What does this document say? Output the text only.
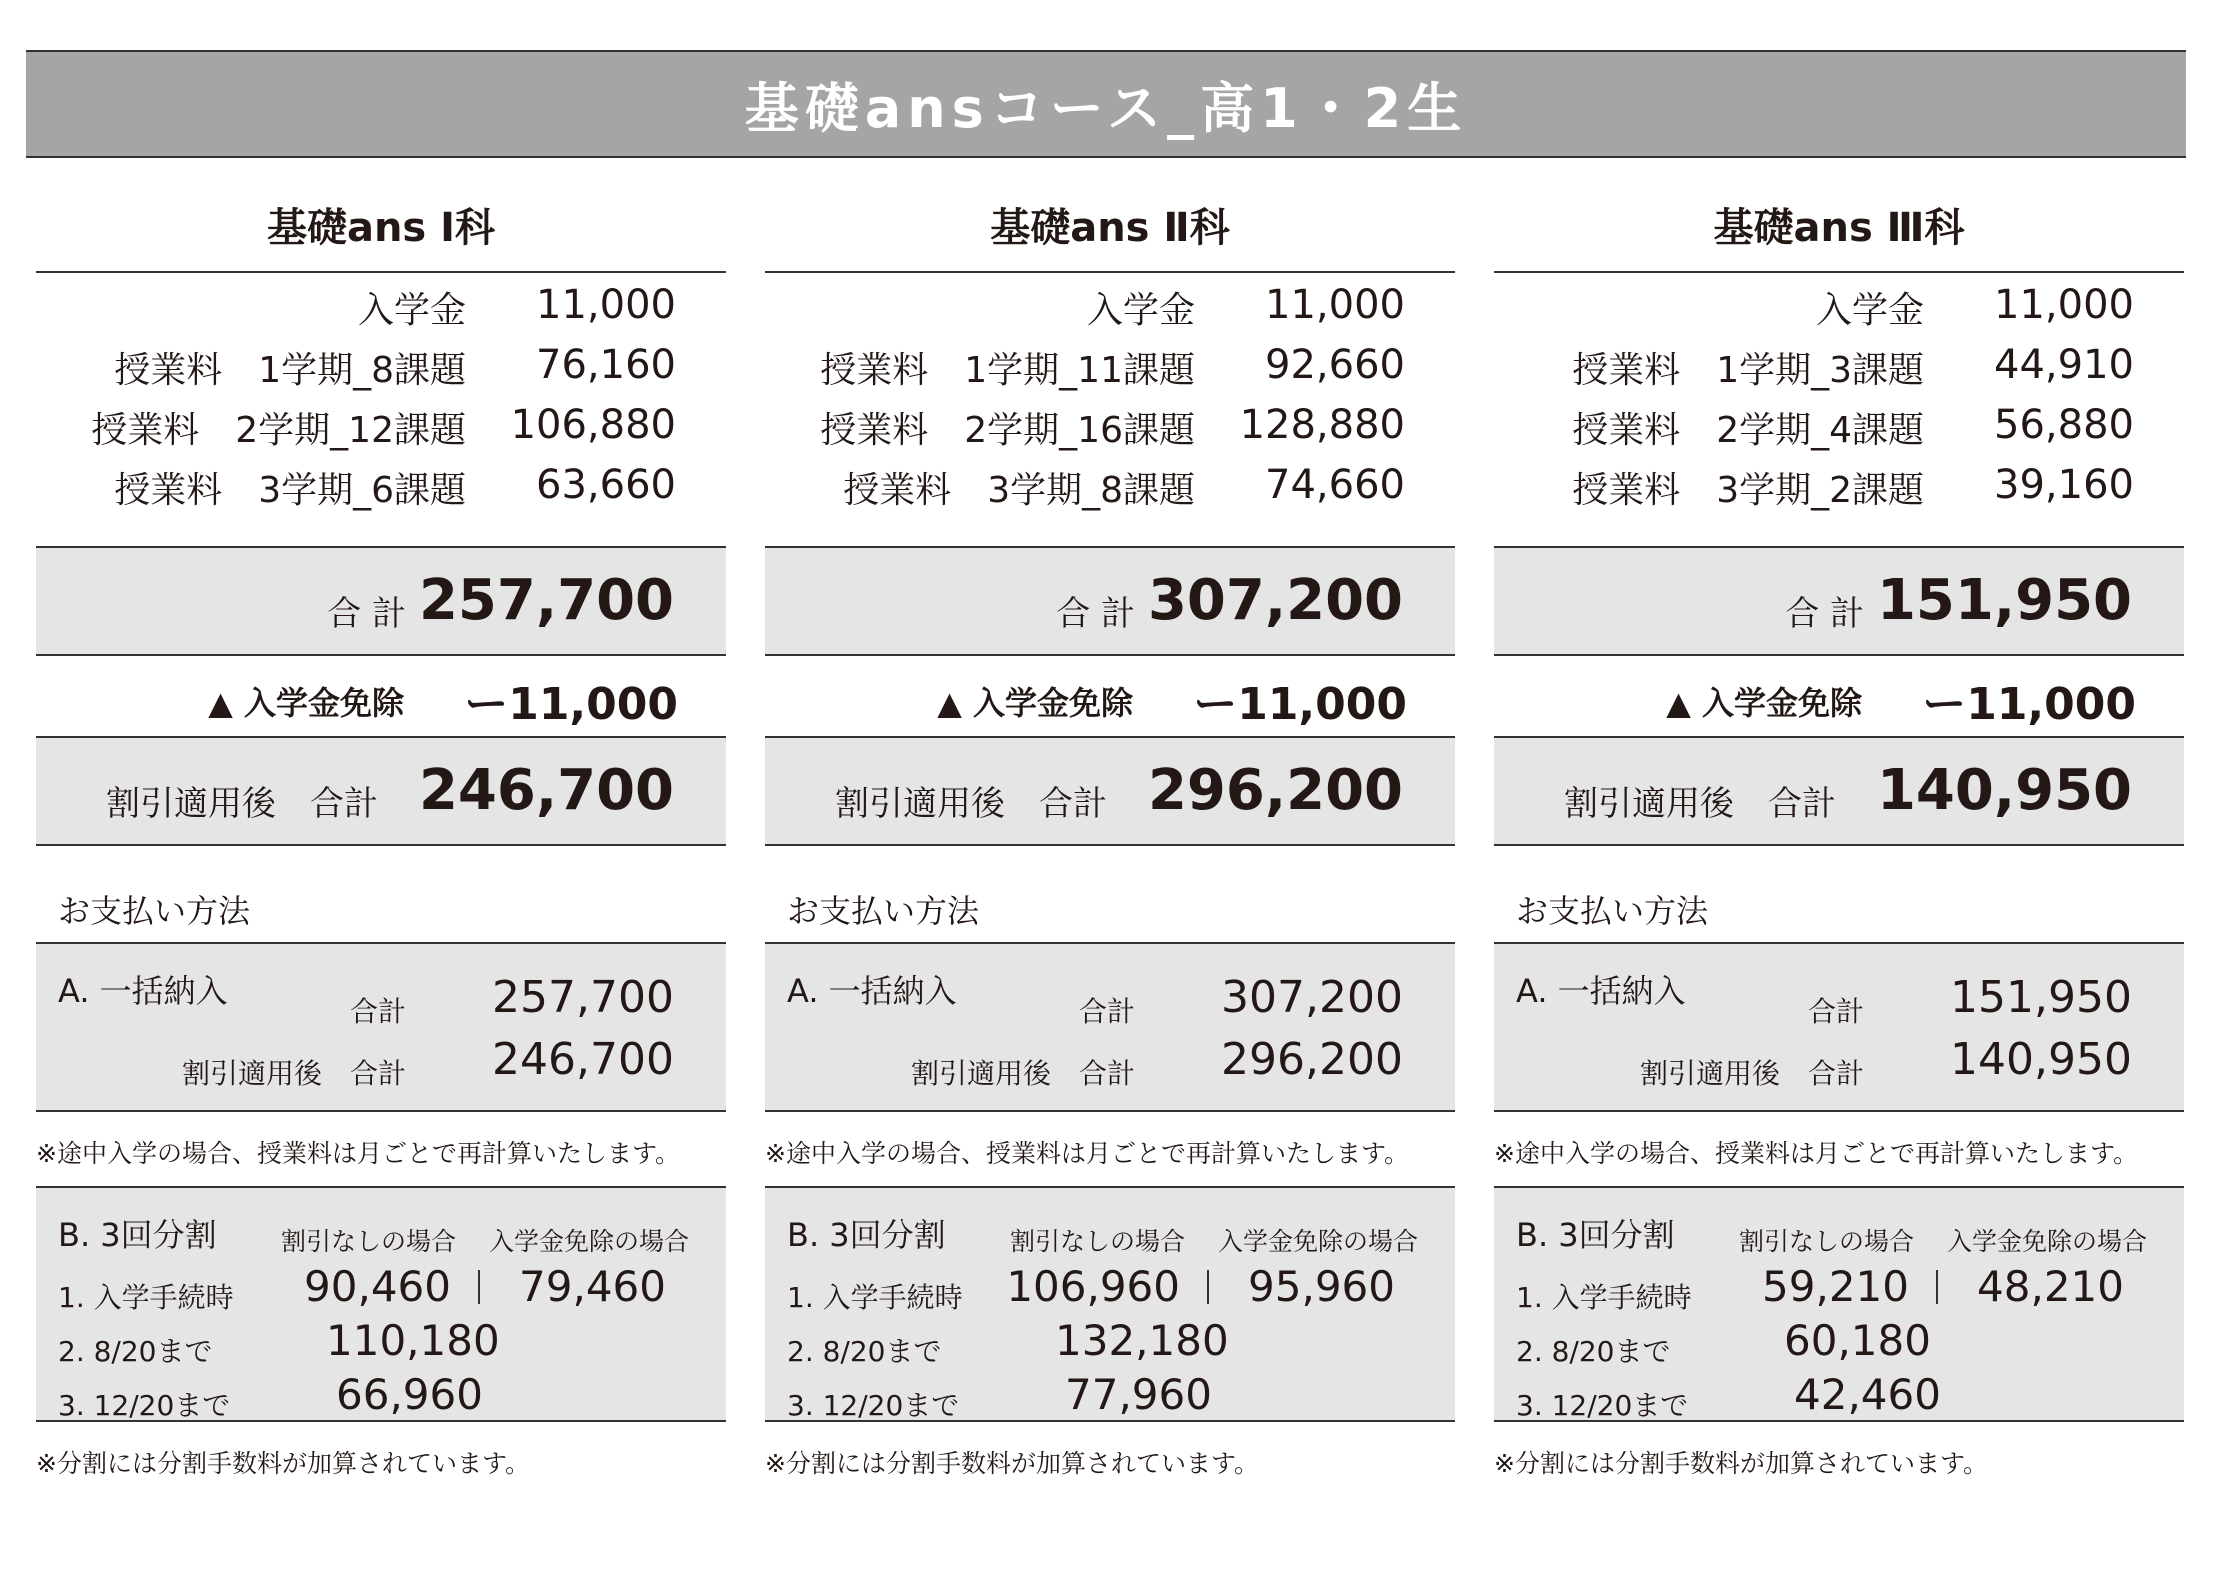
基礎ansコース_高1・2生
基礎ans Ⅰ科
入学金 11,000
授業料　1学期_8課題 76,160
授業料　2学期_12課題 106,880
授業料　3学期_6課題 63,660
合 計 257,700
▲ 入学金免除 ー11,000
割引適用後　合計 246,700
お支払い方法
A. 一括納入
合計 257,700
割引適用後　合計 246,700
※途中入学の場合、授業料は月ごとで再計算いたします。
B. 3回分割	割引なしの場合 入学金免除の場合
1. 入学手続時 90,460 79,460
2. 8/20まで	110,180
3. 12/20まで	66,960
※分割には分割手数料が加算されています。
基礎ans Ⅱ科
入学金 11,000
授業料　1学期_11課題 92,660
授業料　2学期_16課題 128,880
授業料　3学期_8課題 74,660
合 計 307,200
▲ 入学金免除 ー11,000
割引適用後　合計 296,200
お支払い方法
A. 一括納入
合計 307,200
割引適用後　合計 296,200
※途中入学の場合、授業料は月ごとで再計算いたします。
B. 3回分割	割引なしの場合 入学金免除の場合
1. 入学手続時 106,960 95,960
2. 8/20まで	132,180
3. 12/20まで	77,960
※分割には分割手数料が加算されています。
基礎ans Ⅲ科
入学金 11,000
授業料　1学期_3課題 44,910
授業料　2学期_4課題 56,880
授業料　3学期_2課題 39,160
合 計 151,950
▲ 入学金免除 ー11,000
割引適用後　合計 140,950
お支払い方法
A. 一括納入
合計 151,950
割引適用後　合計 140,950
※途中入学の場合、授業料は月ごとで再計算いたします。
B. 3回分割	割引なしの場合 入学金免除の場合
1. 入学手続時 59,210 48,210
2. 8/20まで	60,180
3. 12/20まで	42,460
※分割には分割手数料が加算されています。
